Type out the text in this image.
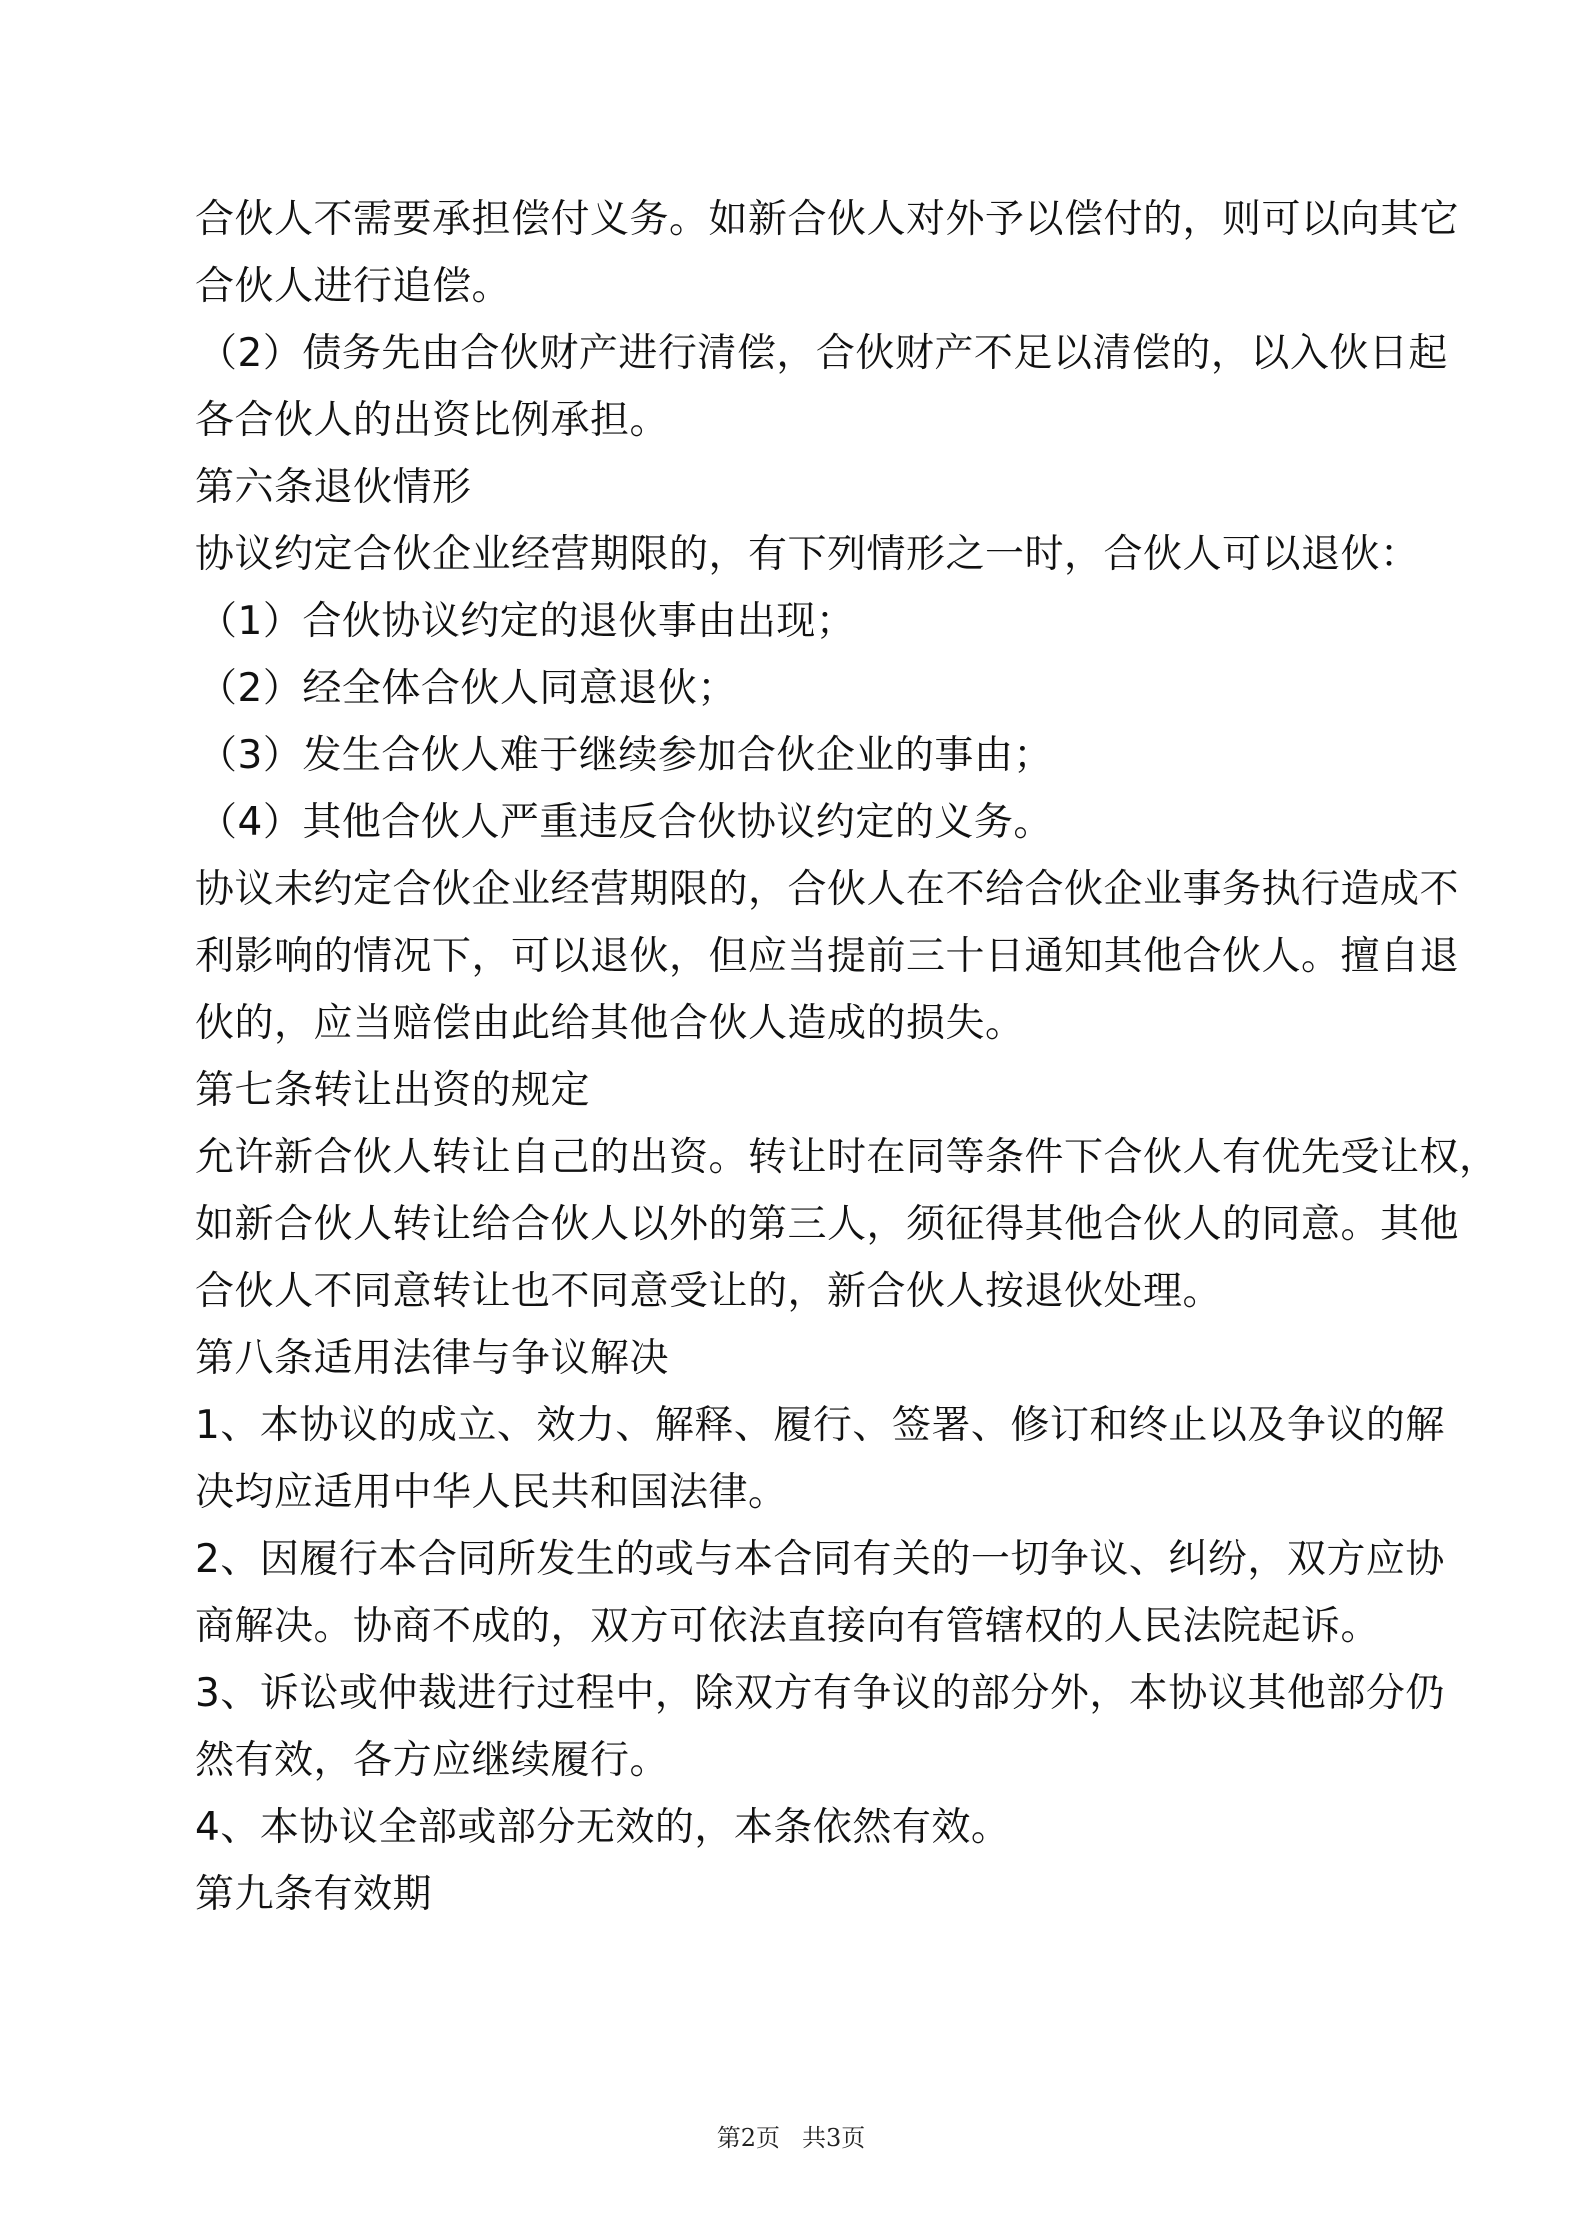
合伙人不需要承担偿付义务。如新合伙人对外予以偿付的，则可以向其它
合伙人进行追偿。
（2）债务先由合伙财产进行清偿，合伙财产不足以清偿的，以入伙日起
各合伙人的出资比例承担。
第六条退伙情形
协议约定合伙企业经营期限的，有下列情形之一时，合伙人可以退伙：
（1）合伙协议约定的退伙事由出现；
（2）经全体合伙人同意退伙；
（3）发生合伙人难于继续参加合伙企业的事由；
（4）其他合伙人严重违反合伙协议约定的义务。
协议未约定合伙企业经营期限的，合伙人在不给合伙企业事务执行造成不
利影响的情况下，可以退伙，但应当提前三十日通知其他合伙人。擅自退
伙的，应当赔偿由此给其他合伙人造成的损失。
第七条转让出资的规定
允许新合伙人转让自己的出资。转让时在同等条件下合伙人有优先受让权，
如新合伙人转让给合伙人以外的第三人，须征得其他合伙人的同意。其他
合伙人不同意转让也不同意受让的，新合伙人按退伙处理。
第八条适用法律与争议解决
1、本协议的成立、效力、解释、履行、签署、修订和终止以及争议的解
决均应适用中华人民共和国法律。
2、因履行本合同所发生的或与本合同有关的一切争议、纠纷，双方应协
商解决。协商不成的，双方可依法直接向有管辖权的人民法院起诉。
3、诉讼或仲裁进行过程中，除双方有争议的部分外，本协议其他部分仍
然有效，各方应继续履行。
4、本协议全部或部分无效的，本条依然有效。
第九条有效期
第2页 共3页
